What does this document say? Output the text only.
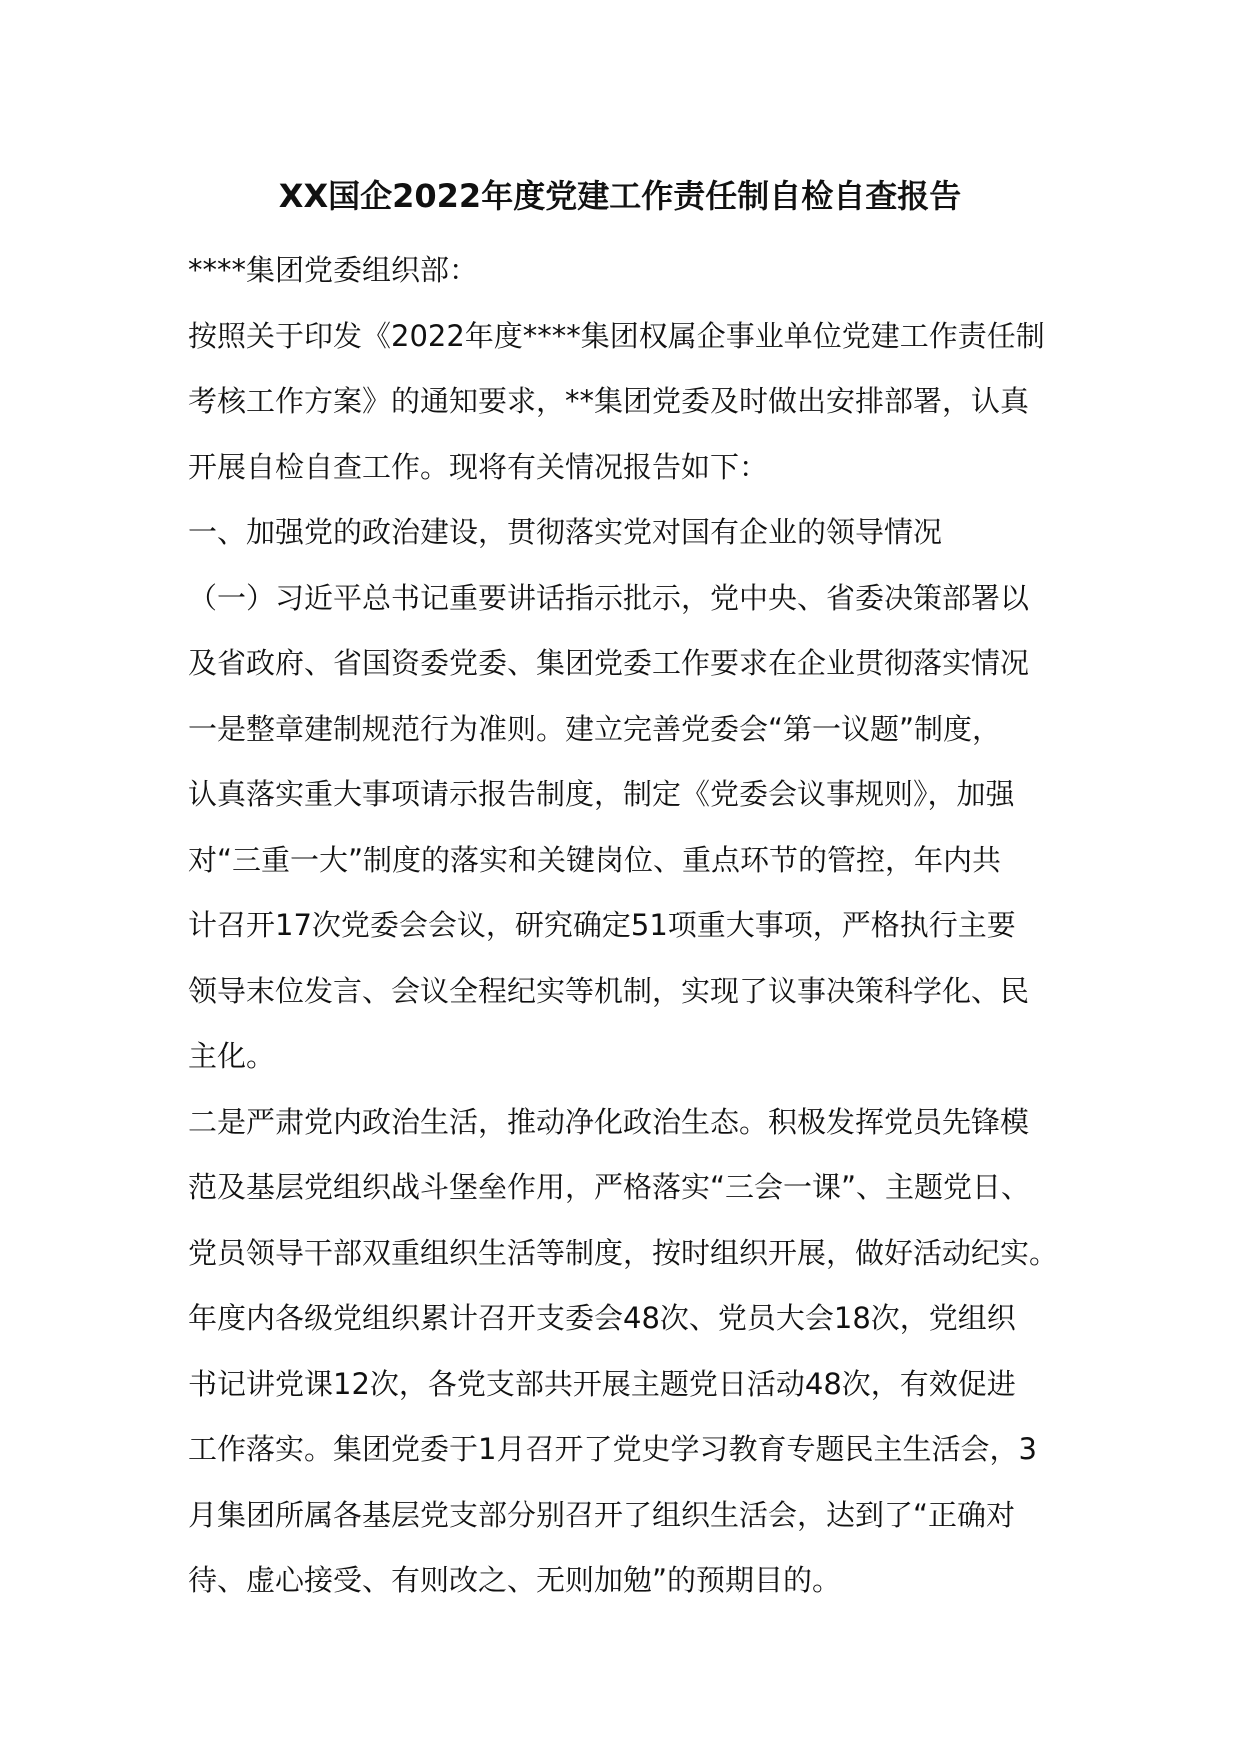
XX国企2022年度党建工作责任制自检自查报告

****集团党委组织部：

按照关于印发《2022年度****集团权属企事业单位党建工作责任制

考核工作方案》的通知要求，**集团党委及时做出安排部署，认真

开展自检自查工作。现将有关情况报告如下：

一、加强党的政治建设，贯彻落实党对国有企业的领导情况

（一）习近平总书记重要讲话指示批示，党中央、省委决策部署以

及省政府、省国资委党委、集团党委工作要求在企业贯彻落实情况

一是整章建制规范行为准则。建立完善党委会“第一议题”制度，

认真落实重大事项请示报告制度，制定《党委会议事规则》，加强

对“三重一大”制度的落实和关键岗位、重点环节的管控，年内共

计召开17次党委会会议，研究确定51项重大事项，严格执行主要

领导末位发言、会议全程纪实等机制，实现了议事决策科学化、民

主化。

二是严肃党内政治生活，推动净化政治生态。积极发挥党员先锋模

范及基层党组织战斗堡垒作用，严格落实“三会一课”、主题党日、

党员领导干部双重组织生活等制度，按时组织开展，做好活动纪实。

年度内各级党组织累计召开支委会48次、党员大会18次，党组织

书记讲党课12次，各党支部共开展主题党日活动48次，有效促进

工作落实。集团党委于1月召开了党史学习教育专题民主生活会，3

月集团所属各基层党支部分别召开了组织生活会，达到了“正确对

待、虚心接受、有则改之、无则加勉”的预期目的。
